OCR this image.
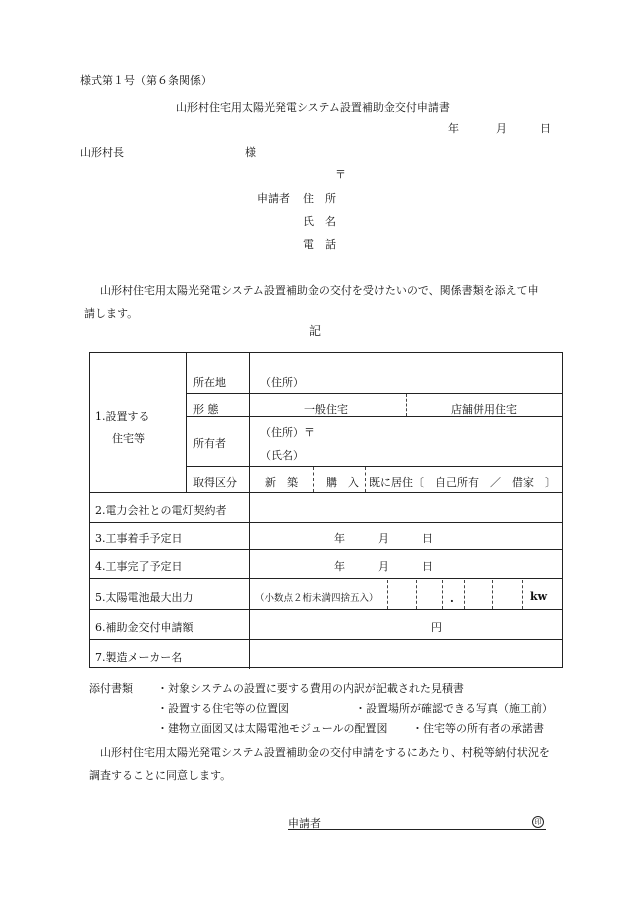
様式第１号（第６条関係）
山形村住宅用太陽光発電システム設置補助金交付申請書
年	月	日
山形村長	様
〒
申請者 住　所
氏　名
電　話
山形村住宅用太陽光発電システム設置補助金の交付を受けたいので、関係書類を添えて申
請します。
記
1.設置する
住宅等
所在地	（住所）
形 態	一般住宅	店舗併用住宅
所有者
（住所）〒
（氏名）
取得区分	新　築	購　入 既に居住〔　自己所有　／　借家　〕
2.電力会社との電灯契約者
3.工事着手予定日	年　　　月　　　日
4.工事完了予定日	年　　　月　　　日
5.太陽電池最大出力	（小数点２桁未満四捨五入）	.	kw
6.補助金交付申請額	円
7.製造メーカー名
添付書類 ・対象システムの設置に要する費用の内訳が記載された見積書
・設置する住宅等の位置図	・設置場所が確認できる写真（施工前）
・建物立面図又は太陽電池モジュールの配置図 ・住宅等の所有者の承諾書
山形村住宅用太陽光発電システム設置補助金の交付申請をするにあたり、村税等納付状況を
調査することに同意します。
申請者	印
